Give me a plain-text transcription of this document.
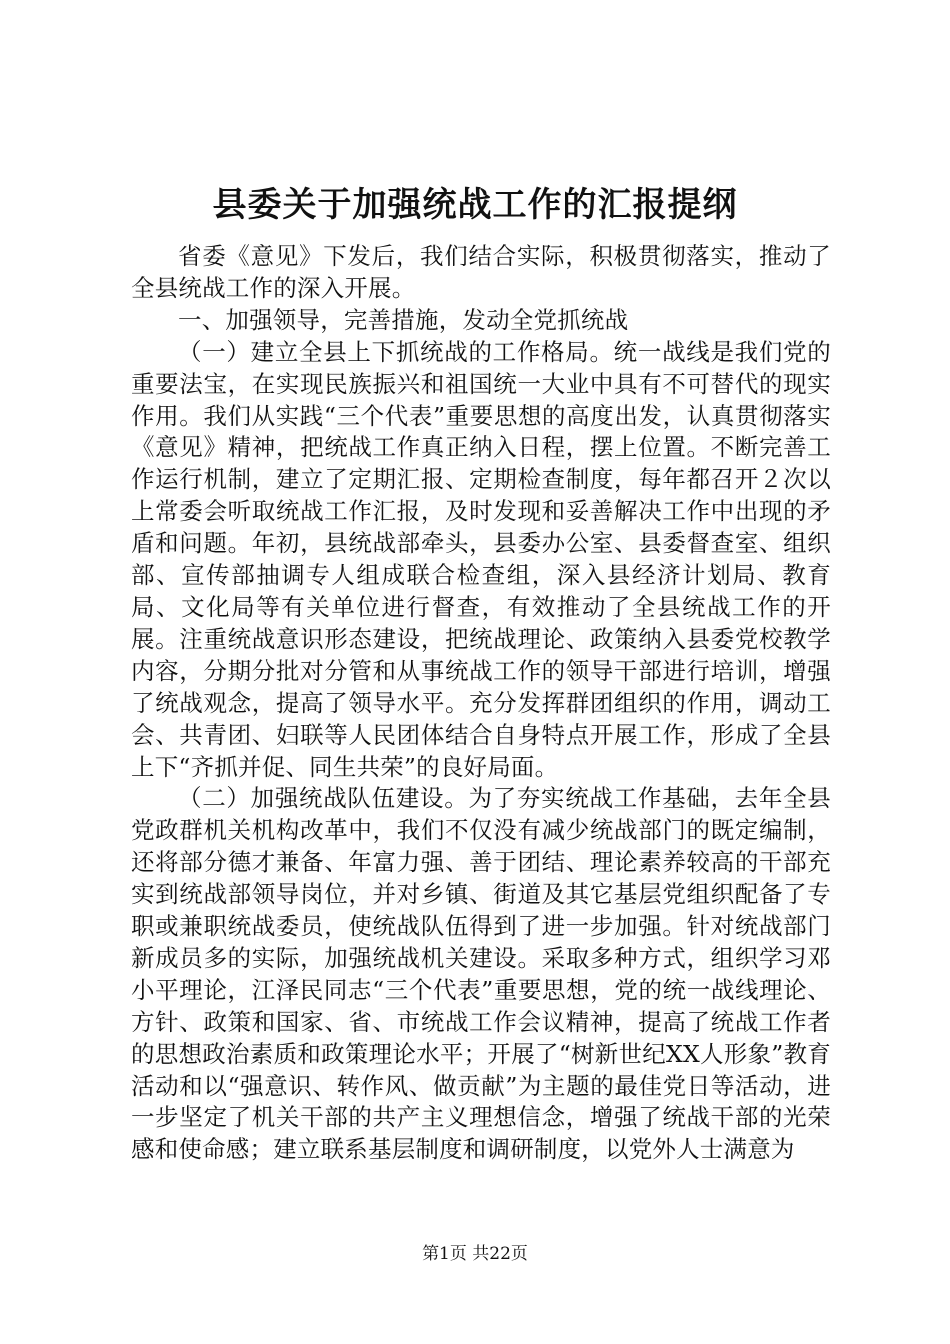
县委关于加强统战工作的汇报提纲

省委《意见》下发后，我们结合实际，积极贯彻落实，推动了全县统战工作的深入开展。

一、加强领导，完善措施，发动全党抓统战

（一）建立全县上下抓统战的工作格局。统一战线是我们党的重要法宝，在实现民族振兴和祖国统一大业中具有不可替代的现实作用。我们从实践“三个代表”重要思想的高度出发，认真贯彻落实《意见》精神，把统战工作真正纳入日程，摆上位置。不断完善工作运行机制，建立了定期汇报、定期检查制度，每年都召开２次以上常委会听取统战工作汇报，及时发现和妥善解决工作中出现的矛盾和问题。年初，县统战部牵头，县委办公室、县委督查室、组织部、宣传部抽调专人组成联合检查组，深入县经济计划局、教育局、文化局等有关单位进行督查，有效推动了全县统战工作的开展。注重统战意识形态建设，把统战理论、政策纳入县委党校教学内容，分期分批对分管和从事统战工作的领导干部进行培训，增强了统战观念，提高了领导水平。充分发挥群团组织的作用，调动工会、共青团、妇联等人民团体结合自身特点开展工作，形成了全县上下“齐抓并促、同生共荣”的良好局面。

（二）加强统战队伍建设。为了夯实统战工作基础，去年全县党政群机关机构改革中，我们不仅没有减少统战部门的既定编制，还将部分德才兼备、年富力强、善于团结、理论素养较高的干部充实到统战部领导岗位，并对乡镇、街道及其它基层党组织配备了专职或兼职统战委员，使统战队伍得到了进一步加强。针对统战部门新成员多的实际，加强统战机关建设。采取多种方式，组织学习邓小平理论，江泽民同志“三个代表”重要思想，党的统一战线理论、方针、政策和国家、省、市统战工作会议精神，提高了统战工作者的思想政治素质和政策理论水平；开展了“树新世纪XX人形象”教育活动和以“强意识、转作风、做贡献”为主题的最佳党日等活动，进一步坚定了机关干部的共产主义理想信念，增强了统战干部的光荣感和使命感；建立联系基层制度和调研制度，以党外人士满意为

第1页 共22页
